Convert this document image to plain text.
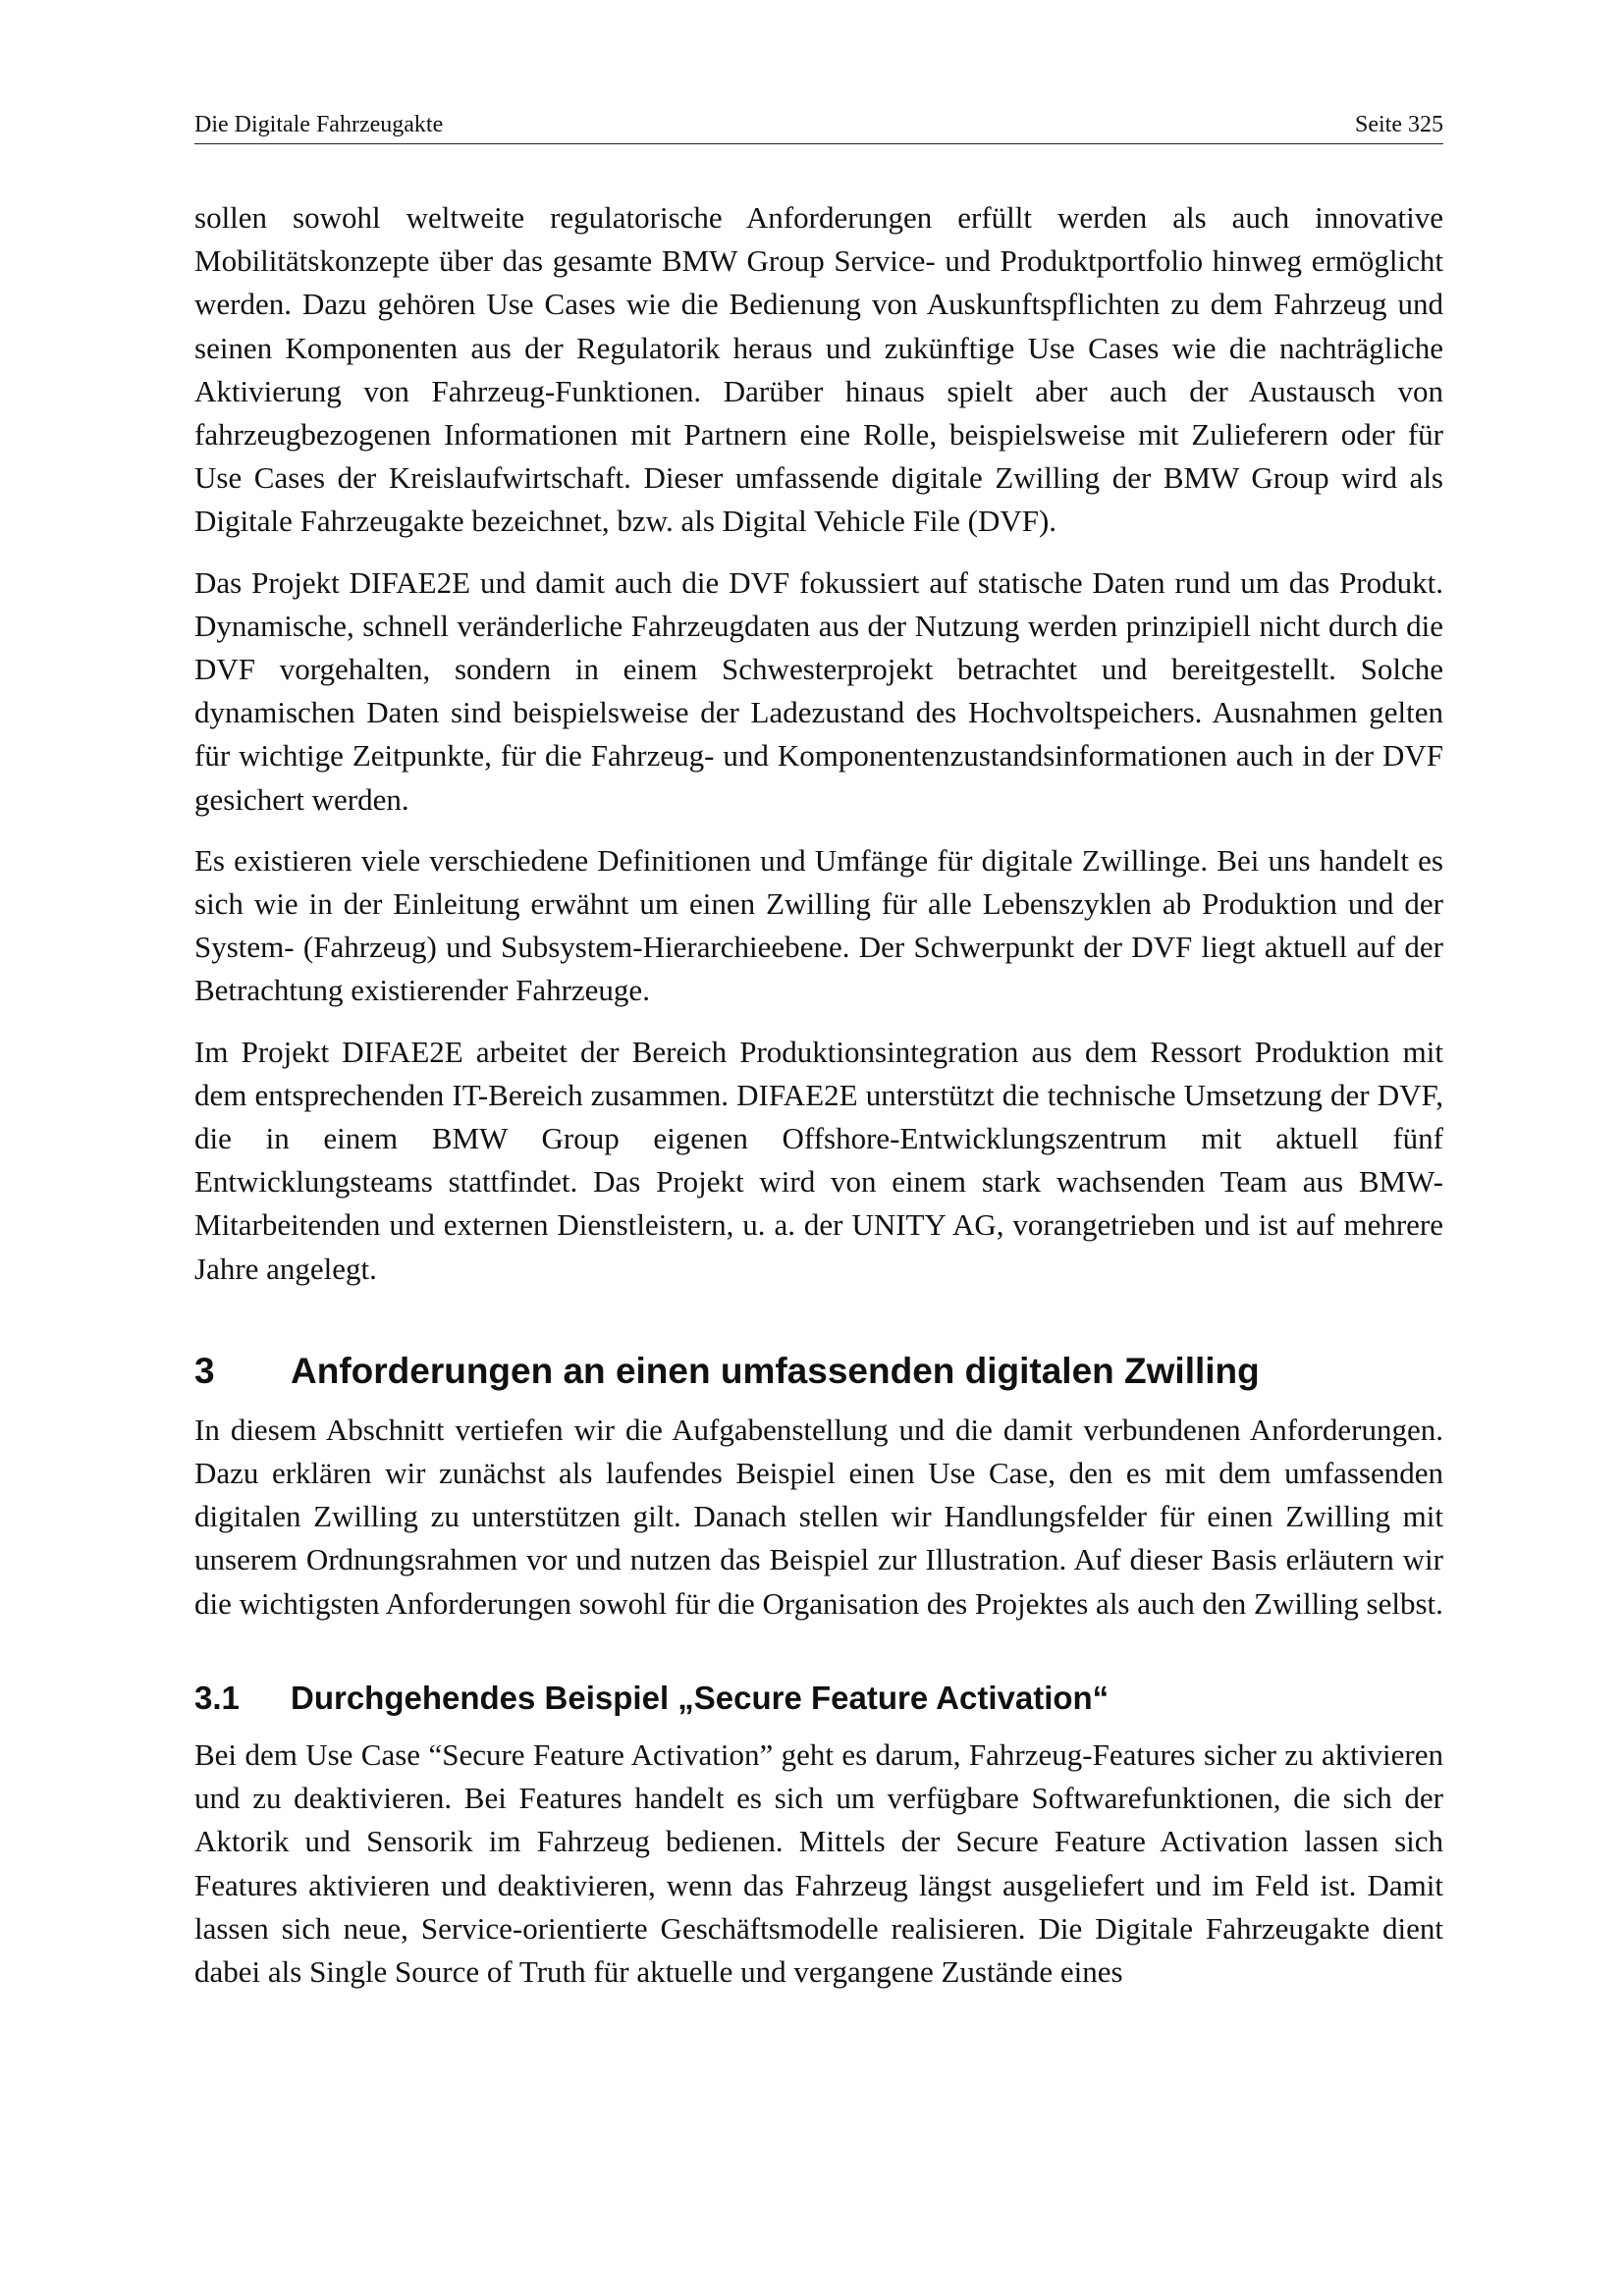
Die Digitale Fahrzeugakte	Seite 325

sollen sowohl weltweite regulatorische Anforderungen erfüllt werden als auch innovative Mobilitätskonzepte über das gesamte BMW Group Service- und Produktportfolio hinweg ermöglicht werden. Dazu gehören Use Cases wie die Bedienung von Auskunftspflichten zu dem Fahrzeug und seinen Komponenten aus der Regulatorik heraus und zukünftige Use Cases wie die nachträgliche Aktivierung von Fahrzeug-Funktionen. Darüber hinaus spielt aber auch der Austausch von fahrzeugbezogenen Informationen mit Partnern eine Rolle, beispielsweise mit Zulieferern oder für Use Cases der Kreislaufwirtschaft. Dieser umfassende digitale Zwilling der BMW Group wird als Digitale Fahrzeugakte bezeichnet, bzw. als Digital Vehicle File (DVF).

Das Projekt DIFAE2E und damit auch die DVF fokussiert auf statische Daten rund um das Produkt. Dynamische, schnell veränderliche Fahrzeugdaten aus der Nutzung werden prinzipiell nicht durch die DVF vorgehalten, sondern in einem Schwesterprojekt betrachtet und bereitgestellt. Solche dynamischen Daten sind beispielsweise der Ladezustand des Hochvoltspeichers. Ausnahmen gelten für wichtige Zeitpunkte, für die Fahrzeug- und Komponentenzustandsinformationen auch in der DVF gesichert werden.

Es existieren viele verschiedene Definitionen und Umfänge für digitale Zwillinge. Bei uns handelt es sich wie in der Einleitung erwähnt um einen Zwilling für alle Lebenszyklen ab Produktion und der System- (Fahrzeug) und Subsystem-Hierarchieebene. Der Schwerpunkt der DVF liegt aktuell auf der Betrachtung existierender Fahrzeuge.

Im Projekt DIFAE2E arbeitet der Bereich Produktionsintegration aus dem Ressort Produktion mit dem entsprechenden IT-Bereich zusammen. DIFAE2E unterstützt die technische Umsetzung der DVF, die in einem BMW Group eigenen Offshore-Entwicklungszentrum mit aktuell fünf Entwicklungsteams stattfindet. Das Projekt wird von einem stark wachsenden Team aus BMW-Mitarbeitenden und externen Dienstleistern, u. a. der UNITY AG, vorangetrieben und ist auf mehrere Jahre angelegt.

3	Anforderungen an einen umfassenden digitalen Zwilling

In diesem Abschnitt vertiefen wir die Aufgabenstellung und die damit verbundenen Anforderungen. Dazu erklären wir zunächst als laufendes Beispiel einen Use Case, den es mit dem umfassenden digitalen Zwilling zu unterstützen gilt. Danach stellen wir Handlungsfelder für einen Zwilling mit unserem Ordnungsrahmen vor und nutzen das Beispiel zur Illustration. Auf dieser Basis erläutern wir die wichtigsten Anforderungen sowohl für die Organisation des Projektes als auch den Zwilling selbst.

3.1	Durchgehendes Beispiel „Secure Feature Activation“

Bei dem Use Case “Secure Feature Activation” geht es darum, Fahrzeug-Features sicher zu aktivieren und zu deaktivieren. Bei Features handelt es sich um verfügbare Softwarefunktionen, die sich der Aktorik und Sensorik im Fahrzeug bedienen. Mittels der Secure Feature Activation lassen sich Features aktivieren und deaktivieren, wenn das Fahrzeug längst ausgeliefert und im Feld ist. Damit lassen sich neue, Service-orientierte Geschäftsmodelle realisieren. Die Digitale Fahrzeugakte dient dabei als Single Source of Truth für aktuelle und vergangene Zustände eines
